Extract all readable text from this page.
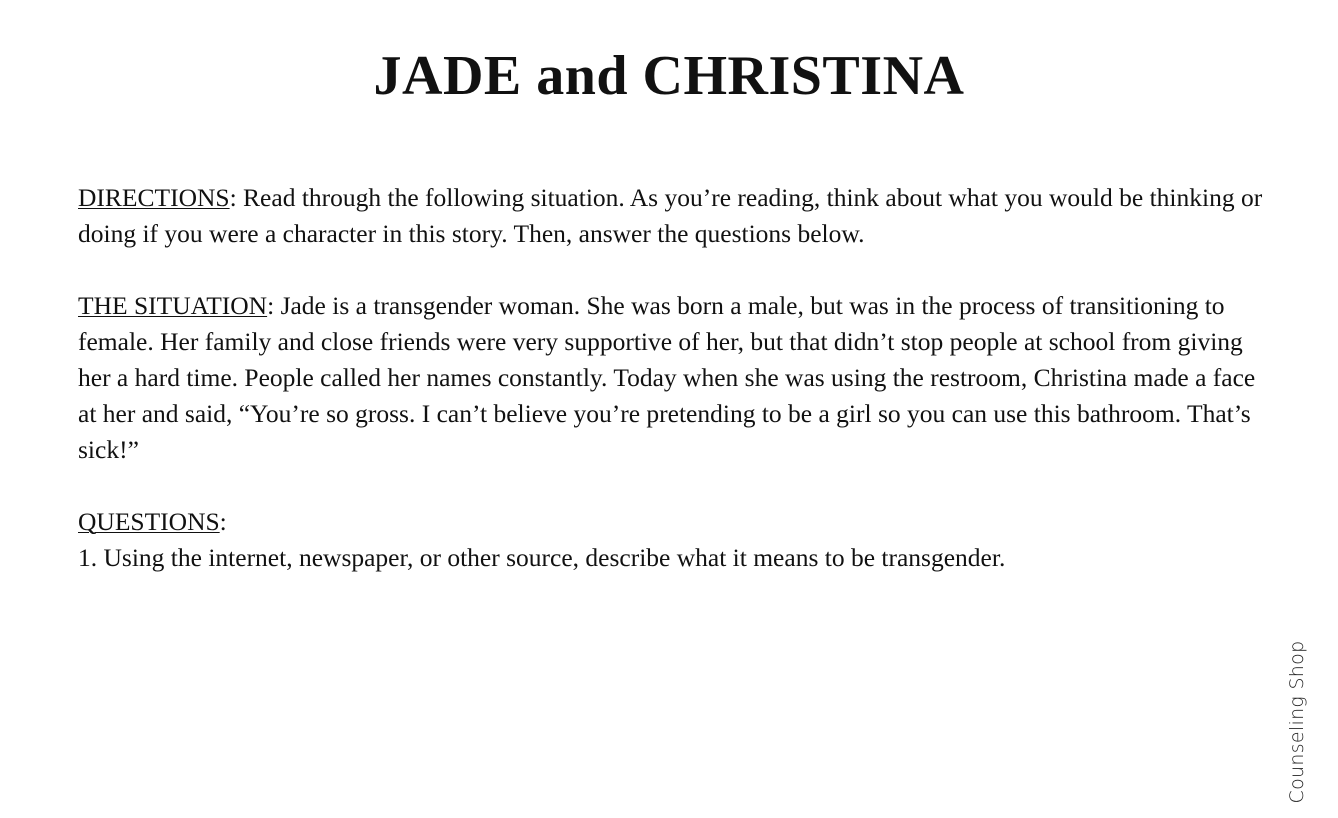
JADE and CHRISTINA

DIRECTIONS: Read through the following situation. As you’re reading, think about what you would be thinking or doing if you were a character in this story. Then, answer the questions below.

THE SITUATION: Jade is a transgender woman. She was born a male, but was in the process of transitioning to female. Her family and close friends were very supportive of her, but that didn’t stop people at school from giving her a hard time. People called her names constantly. Today when she was using the restroom, Christina made a face at her and said, “You’re so gross. I can’t believe you’re pretending to be a girl so you can use this bathroom. That’s sick!”

QUESTIONS:
1. Using the internet, newspaper, or other source, describe what it means to be transgender.
Counseling Shop
